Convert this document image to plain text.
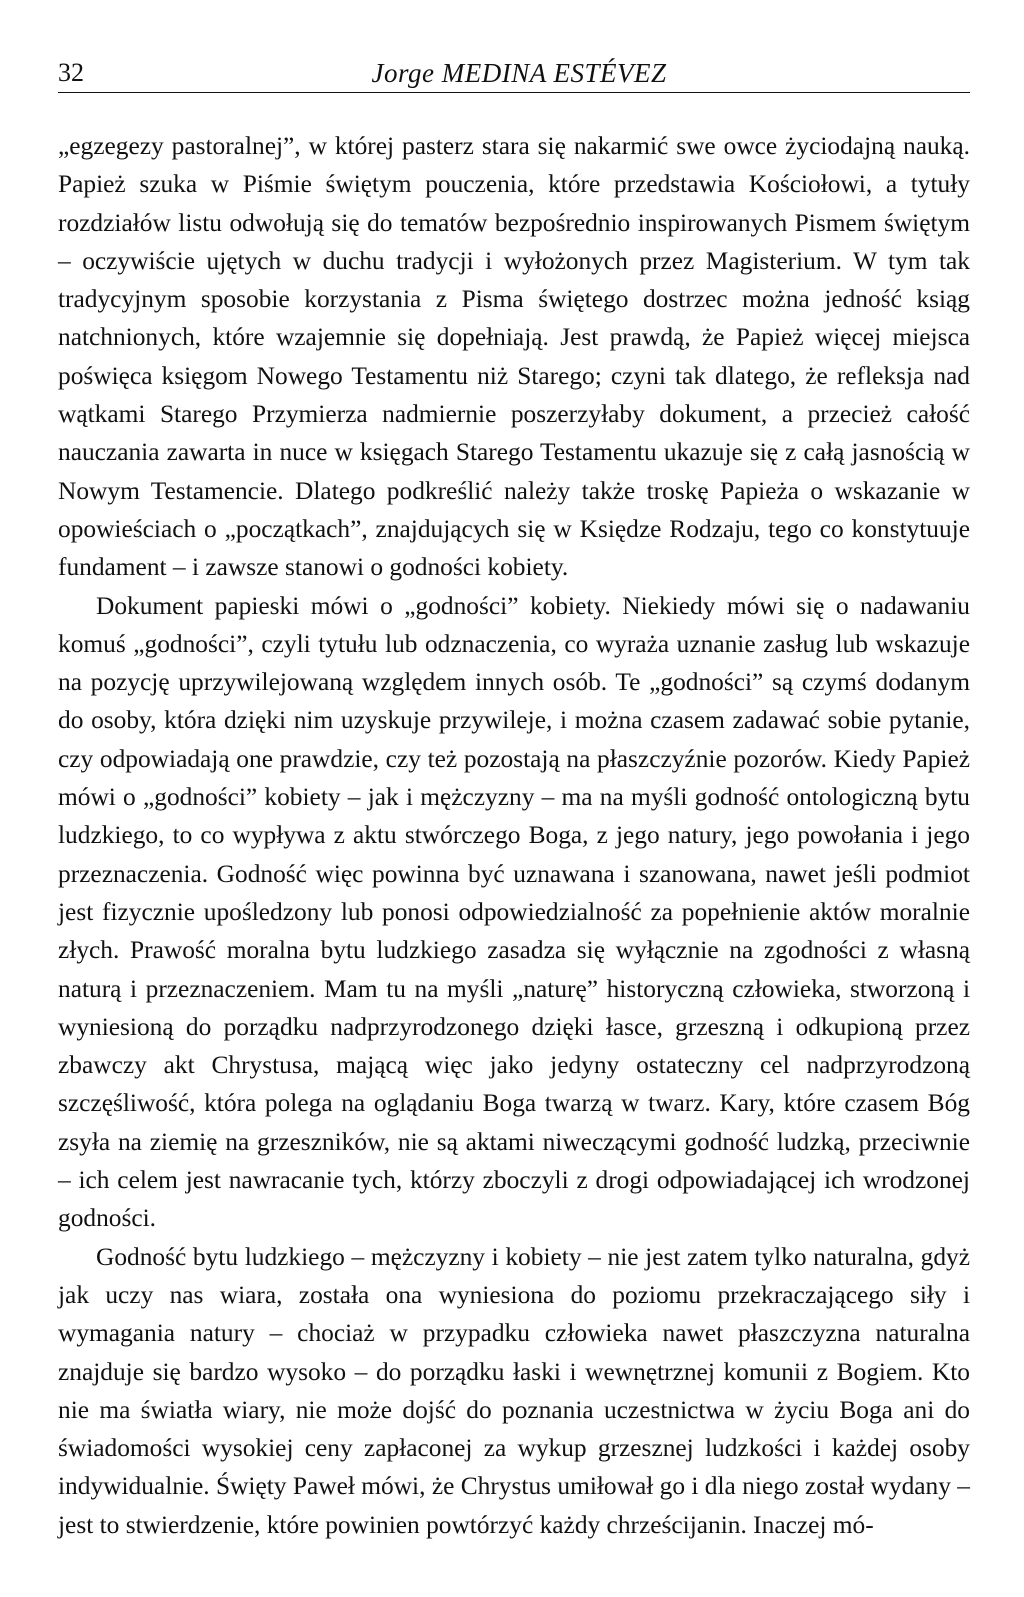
32	Jorge MEDINA ESTÉVEZ

„egzegezy pastoralnej”, w której pasterz stara się nakarmić swe owce życiodajną nauką. Papież szuka w Piśmie świętym pouczenia, które przedstawia Kościołowi, a tytuły rozdziałów listu odwołują się do tematów bezpośrednio inspirowanych Pismem świętym – oczywiście ujętych w duchu tradycji i wyłożonych przez Magisterium. W tym tak tradycyjnym sposobie korzystania z Pisma świętego dostrzec można jedność ksiąg natchnionych, które wzajemnie się dopełniają. Jest prawdą, że Papież więcej miejsca poświęca księgom Nowego Testamentu niż Starego; czyni tak dlatego, że refleksja nad wątkami Starego Przymierza nadmiernie poszerzyłaby dokument, a przecież całość nauczania zawarta in nuce w księgach Starego Testamentu ukazuje się z całą jasnością w Nowym Testamencie. Dlatego podkreślić należy także troskę Papieża o wskazanie w opowieściach o „początkach”, znajdujących się w Księdze Rodzaju, tego co konstytuuje fundament – i zawsze stanowi o godności kobiety.

Dokument papieski mówi o „godności” kobiety. Niekiedy mówi się o nadawaniu komuś „godności”, czyli tytułu lub odznaczenia, co wyraża uznanie zasług lub wskazuje na pozycję uprzywilejowaną względem innych osób. Te „godności” są czymś dodanym do osoby, która dzięki nim uzyskuje przywileje, i można czasem zadawać sobie pytanie, czy odpowiadają one prawdzie, czy też pozostają na płaszczyźnie pozorów. Kiedy Papież mówi o „godności” kobiety – jak i mężczyzny – ma na myśli godność ontologiczną bytu ludzkiego, to co wypływa z aktu stwórczego Boga, z jego natury, jego powołania i jego przeznaczenia. Godność więc powinna być uznawana i szanowana, nawet jeśli podmiot jest fizycznie upośledzony lub ponosi odpowiedzialność za popełnienie aktów moralnie złych. Prawość moralna bytu ludzkiego zasadza się wyłącznie na zgodności z własną naturą i przeznaczeniem. Mam tu na myśli „naturę” historyczną człowieka, stworzoną i wyniesioną do porządku nadprzyrodzonego dzięki łasce, grzeszną i odkupioną przez zbawczy akt Chrystusa, mającą więc jako jedyny ostateczny cel nadprzyrodzoną szczęśliwość, która polega na oglądaniu Boga twarzą w twarz. Kary, które czasem Bóg zsyła na ziemię na grzeszników, nie są aktami niweczącymi godność ludzką, przeciwnie – ich celem jest nawracanie tych, którzy zboczyli z drogi odpowiadającej ich wrodzonej godności.

Godność bytu ludzkiego – mężczyzny i kobiety – nie jest zatem tylko naturalna, gdyż jak uczy nas wiara, została ona wyniesiona do poziomu przekraczającego siły i wymagania natury – chociaż w przypadku człowieka nawet płaszczyzna naturalna znajduje się bardzo wysoko – do porządku łaski i wewnętrznej komunii z Bogiem. Kto nie ma światła wiary, nie może dojść do poznania uczestnictwa w życiu Boga ani do świadomości wysokiej ceny zapłaconej za wykup grzesznej ludzkości i każdej osoby indywidualnie. Święty Paweł mówi, że Chrystus umiłował go i dla niego został wydany – jest to stwierdzenie, które powinien powtórzyć każdy chrześcijanin. Inaczej mó-
